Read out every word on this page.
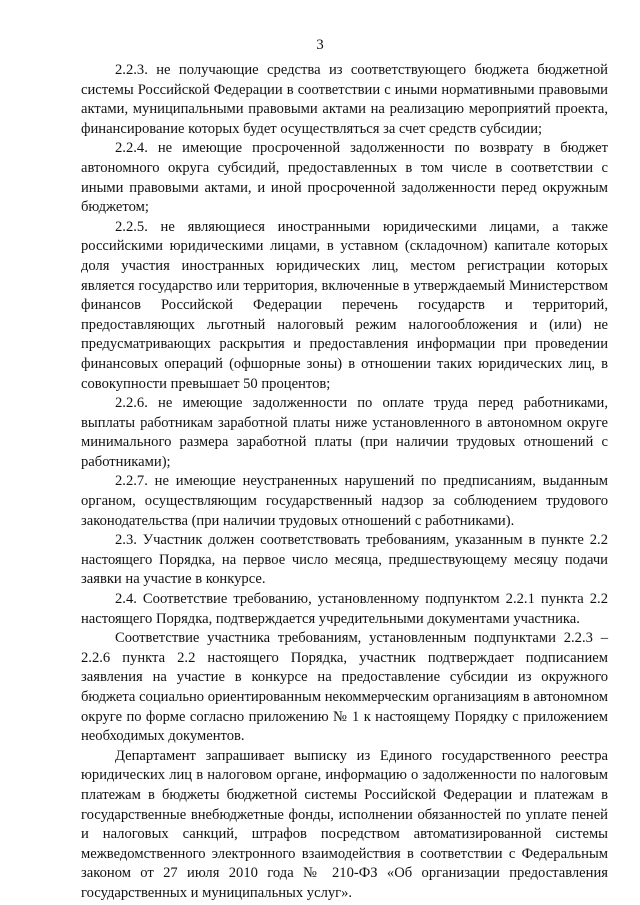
3

2.2.3. не получающие средства из соответствующего бюджета бюджетной системы Российской Федерации в соответствии с иными нормативными правовыми актами, муниципальными правовыми актами на реализацию мероприятий проекта, финансирование которых будет осуществляться за счет средств субсидии;

2.2.4. не имеющие просроченной задолженности по возврату в бюджет автономного округа субсидий, предоставленных в том числе в соответствии с иными правовыми актами, и иной просроченной задолженности перед окружным бюджетом;

2.2.5. не являющиеся иностранными юридическими лицами, а также российскими юридическими лицами, в уставном (складочном) капитале которых доля участия иностранных юридических лиц, местом регистрации которых является государство или территория, включенные в утверждаемый Министерством финансов Российской Федерации перечень государств и территорий, предоставляющих льготный налоговый режим налогообложения и (или) не предусматривающих раскрытия и предоставления информации при проведении финансовых операций (офшорные зоны) в отношении таких юридических лиц, в совокупности превышает 50 процентов;

2.2.6. не имеющие задолженности по оплате труда перед работниками, выплаты работникам заработной платы ниже установленного в автономном округе минимального размера заработной платы (при наличии трудовых отношений с работниками);

2.2.7. не имеющие неустраненных нарушений по предписаниям, выданным органом, осуществляющим государственный надзор за соблюдением трудового законодательства (при наличии трудовых отношений с работниками).

2.3. Участник должен соответствовать требованиям, указанным в пункте 2.2 настоящего Порядка, на первое число месяца, предшествующему месяцу подачи заявки на участие в конкурсе.

2.4. Соответствие требованию, установленному подпунктом 2.2.1 пункта 2.2 настоящего Порядка, подтверждается учредительными документами участника.

Соответствие участника требованиям, установленным подпунктами 2.2.3 – 2.2.6 пункта 2.2 настоящего Порядка, участник подтверждает подписанием заявления на участие в конкурсе на предоставление субсидии из окружного бюджета социально ориентированным некоммерческим организациям в автономном округе по форме согласно приложению № 1 к настоящему Порядку с приложением необходимых документов.

Департамент запрашивает выписку из Единого государственного реестра юридических лиц в налоговом органе, информацию о задолженности по налоговым платежам в бюджеты бюджетной системы Российской Федерации и платежам в государственные внебюджетные фонды, исполнении обязанностей по уплате пеней и налоговых санкций, штрафов посредством автоматизированной системы межведомственного электронного взаимодействия в соответствии с Федеральным законом от 27 июля 2010 года № 210-ФЗ «Об организации предоставления государственных и муниципальных услуг».
